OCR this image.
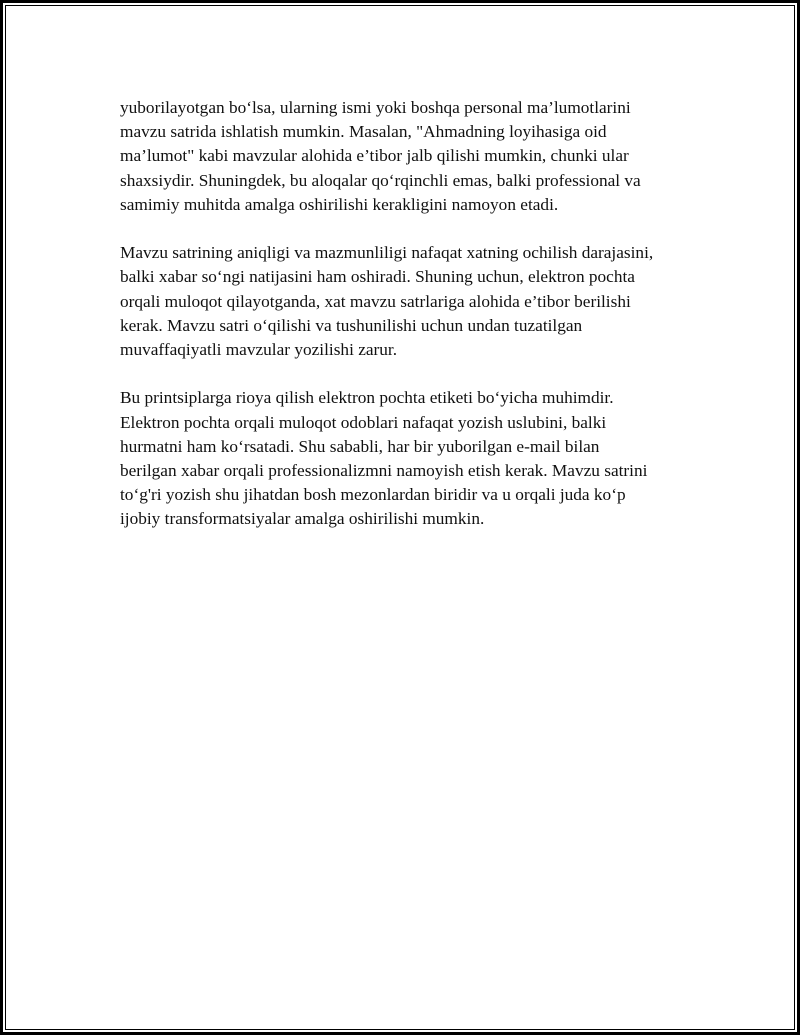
yuborilayotgan bo‘lsa, ularning ismi yoki boshqa personal ma’lumotlarini
mavzu satrida ishlatish mumkin. Masalan, "Ahmadning loyihasiga oid
ma’lumot" kabi mavzular alohida e’tibor jalb qilishi mumkin, chunki ular
shaxsiydir. Shuningdek, bu aloqalar qo‘rqinchli emas, balki professional va
samimiy muhitda amalga oshirilishi kerakligini namoyon etadi.

Mavzu satrining aniqligi va mazmunliligi nafaqat xatning ochilish darajasini,
balki xabar so‘ngi natijasini ham oshiradi. Shuning uchun, elektron pochta
orqali muloqot qilayotganda, xat mavzu satrlariga alohida e’tibor berilishi
kerak. Mavzu satri o‘qilishi va tushunilishi uchun undan tuzatilgan
muvaffaqiyatli mavzular yozilishi zarur.

Bu printsiplarga rioya qilish elektron pochta etiketi bo‘yicha muhimdir.
Elektron pochta orqali muloqot odoblari nafaqat yozish uslubini, balki
hurmatni ham ko‘rsatadi. Shu sababli, har bir yuborilgan e-mail bilan
berilgan xabar orqali professionalizmni namoyish etish kerak. Mavzu satrini
to‘g'ri yozish shu jihatdan bosh mezonlardan biridir va u orqali juda ko‘p
ijobiy transformatsiyalar amalga oshirilishi mumkin.
